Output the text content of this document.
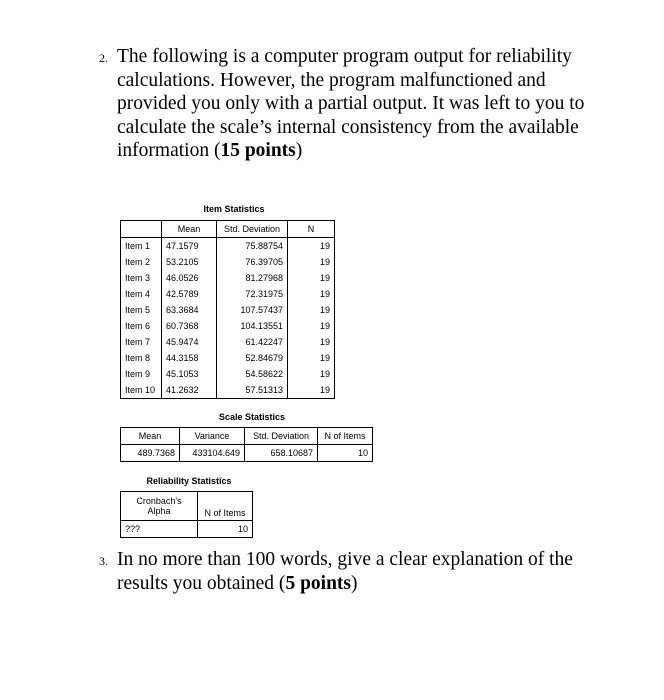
2. The following is a computer program output for reliability calculations. However, the program malfunctioned and provided you only with a partial output. It was left to you to calculate the scale’s internal consistency from the available information (15 points)
Item Statistics
	Mean	Std. Deviation	N
Item 1	47.1579	75.88754	19
Item 2	53.2105	76.39705	19
Item 3	46.0526	81.27968	19
Item 4	42.5789	72.31975	19
Item 5	63.3684	107.57437	19
Item 6	60.7368	104.13551	19
Item 7	45.9474	61.42247	19
Item 8	44.3158	52.84679	19
Item 9	45.1053	54.58622	19
Item 10	41.2632	57.51313	19
Scale Statistics
Mean	Variance	Std. Deviation	N of Items
489.7368	433104.649	658.10687	10
Reliability Statistics
Cronbach's
Alpha	N of Items
???	10
3. In no more than 100 words, give a clear explanation of the results you obtained (5 points)
